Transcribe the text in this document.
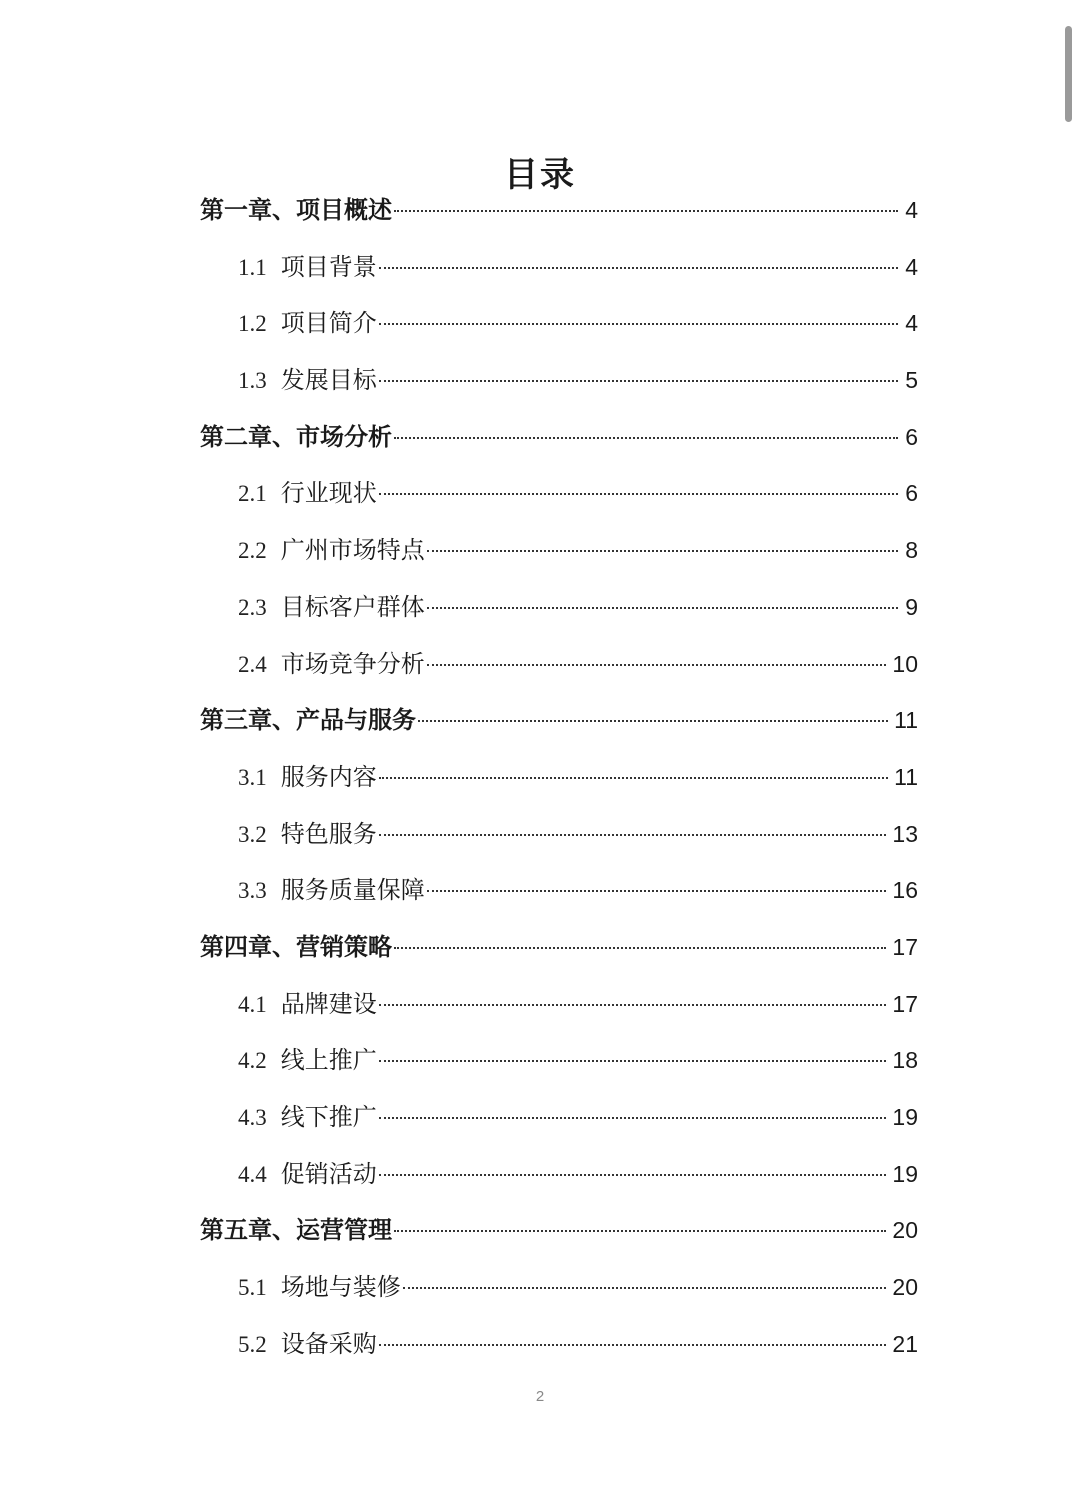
目录
第一章、项目概述	4
1.1 项目背景	4
1.2 项目简介	4
1.3 发展目标	5
第二章、市场分析	6
2.1 行业现状	6
2.2 广州市场特点	8
2.3 目标客户群体	9
2.4 市场竞争分析	10
第三章、产品与服务	11
3.1 服务内容	11
3.2 特色服务	13
3.3 服务质量保障	16
第四章、营销策略	17
4.1 品牌建设	17
4.2 线上推广	18
4.3 线下推广	19
4.4 促销活动	19
第五章、运营管理	20
5.1 场地与装修	20
5.2 设备采购	21
2
